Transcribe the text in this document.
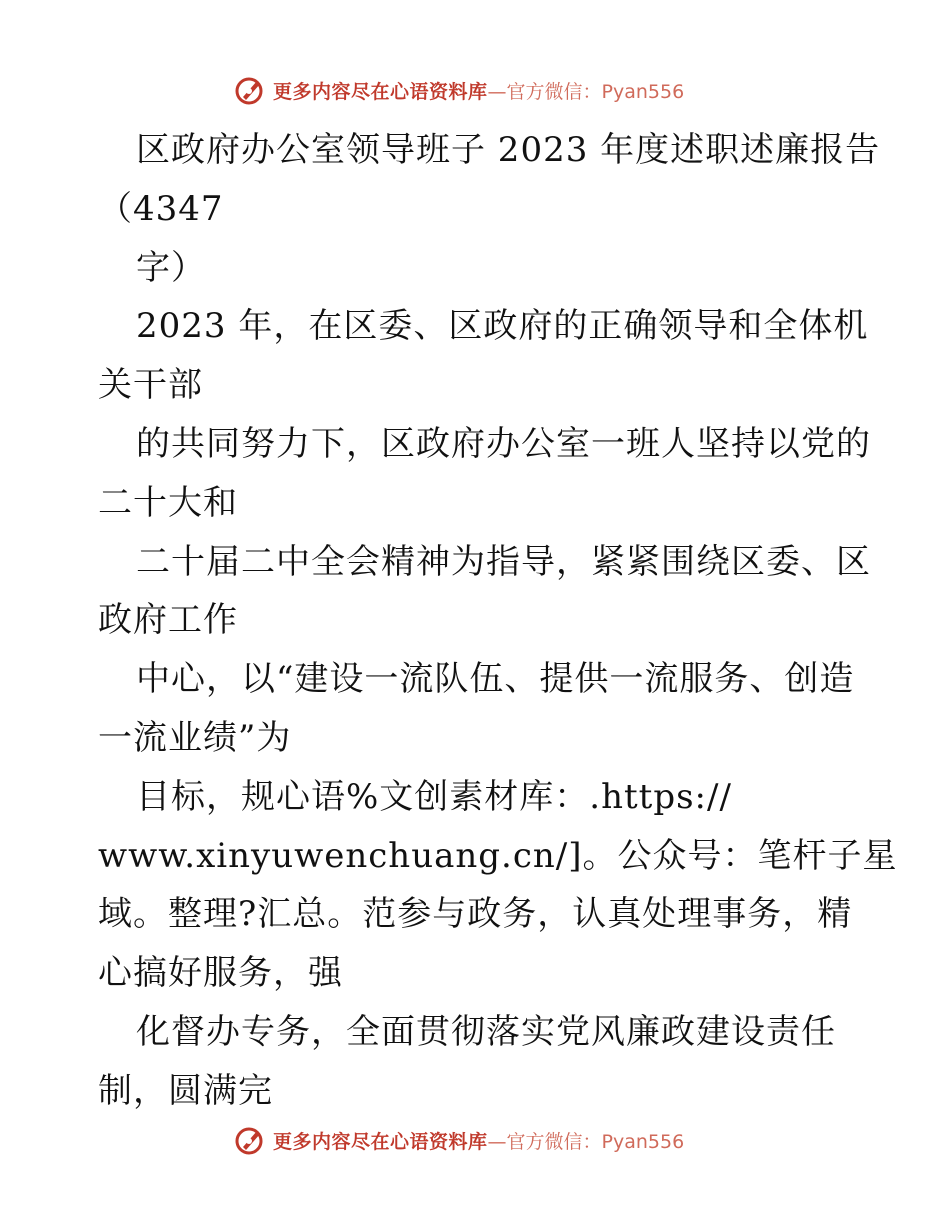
更多内容尽在心语资料库 —官方微信：Pyan556
区政府办公室领导班子 2023 年度述职述廉报告
（4347
字）
2023 年，在区委、区政府的正确领导和全体机
关干部
的共同努力下，区政府办公室一班人坚持以党的
二十大和
二十届二中全会精神为指导，紧紧围绕区委、区
政府工作
中心，以“建设一流队伍、提供一流服务、创造
一流业绩”为
目标，规心语%文创素材库：.https://
www.xinyuwenchuang.cn/]。公众号：笔杆子星
域。整理?汇总。范参与政务，认真处理事务，精
心搞好服务，强
化督办专务，全面贯彻落实党风廉政建设责任
制，圆满完
更多内容尽在心语资料库 —官方微信：Pyan556
